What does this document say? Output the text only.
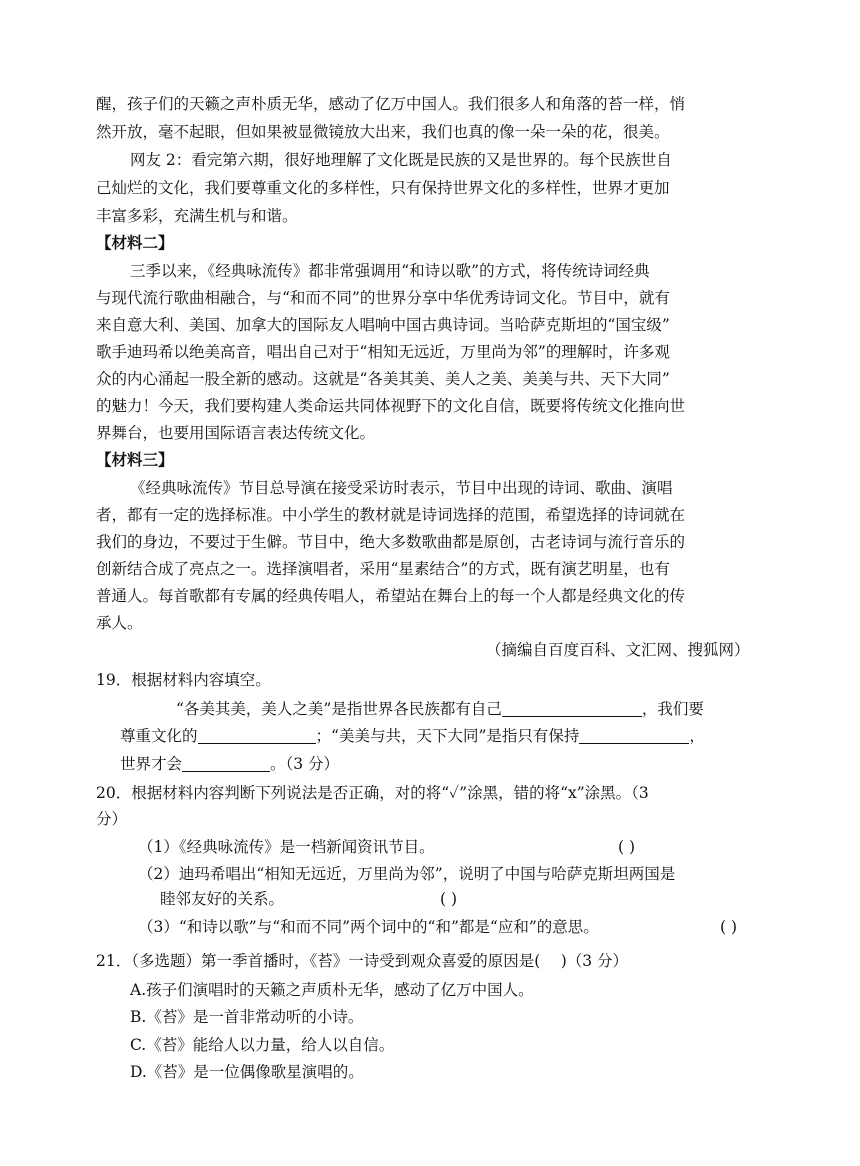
醒，孩子们的天籁之声朴质无华，感动了亿万中国人。我们很多人和角落的苔一样，悄
然开放，毫不起眼，但如果被显微镜放大出来，我们也真的像一朵一朵的花，很美。
网友 2：看完第六期，很好地理解了文化既是民族的又是世界的。每个民族世自
己灿烂的文化，我们要尊重文化的多样性，只有保持世界文化的多样性，世界才更加
丰富多彩，充满生机与和谐。
【材料二】
三季以来，《经典咏流传》都非常强调用“和诗以歌”的方式，将传统诗词经典
与现代流行歌曲相融合，与“和而不同”的世界分享中华优秀诗词文化。节目中，就有
来自意大利、美国、加拿大的国际友人唱响中国古典诗词。当哈萨克斯坦的“国宝级”
歌手迪玛希以绝美高音，唱出自己对于“相知无远近，万里尚为邻”的理解时，许多观
众的内心涌起一股全新的感动。这就是“各美其美、美人之美、美美与共、天下大同”
的魅力！今天，我们要构建人类命运共同体视野下的文化自信，既要将传统文化推向世
界舞台，也要用国际语言表达传统文化。
【材料三】
《经典咏流传》节目总导演在接受采访时表示，节目中出现的诗词、歌曲、演唱
者，都有一定的选择标准。中小学生的教材就是诗词选择的范围，希望选择的诗词就在
我们的身边，不要过于生僻。节目中，绝大多数歌曲都是原创，古老诗词与流行音乐的
创新结合成了亮点之一。选择演唱者，采用“星素结合”的方式，既有演艺明星，也有
普通人。每首歌都有专属的经典传唱人，希望站在舞台上的每一个人都是经典文化的传
承人。
（摘编自百度百科、文汇网、搜狐网）
19．根据材料内容填空。
“各美其美，美人之美”是指世界各民族都有自己	，我们要
尊重文化的	；“美美与共，天下大同”是指只有保持	，
世界才会	。（3 分）
20．根据材料内容判断下列说法是否正确，对的将“✓”涂黑，错的将“x”涂黑。（3
分）
（1）《经典咏流传》是一档新闻资讯节目。	( )
（2）迪玛希唱出“相知无远近，万里尚为邻”，说明了中国与哈萨克斯坦两国是
睦邻友好的关系。	( )
（3）“和诗以歌”与“和而不同”两个词中的“和”都是“应和”的意思。	( )
21．（多选题）第一季首播时，《苔》一诗受到观众喜爱的原因是(　 )（3 分）
A.孩子们演唱时的天籁之声质朴无华，感动了亿万中国人。
B.《苔》是一首非常动听的小诗。
C.《苔》能给人以力量，给人以自信。
D.《苔》是一位偶像歌星演唱的。
